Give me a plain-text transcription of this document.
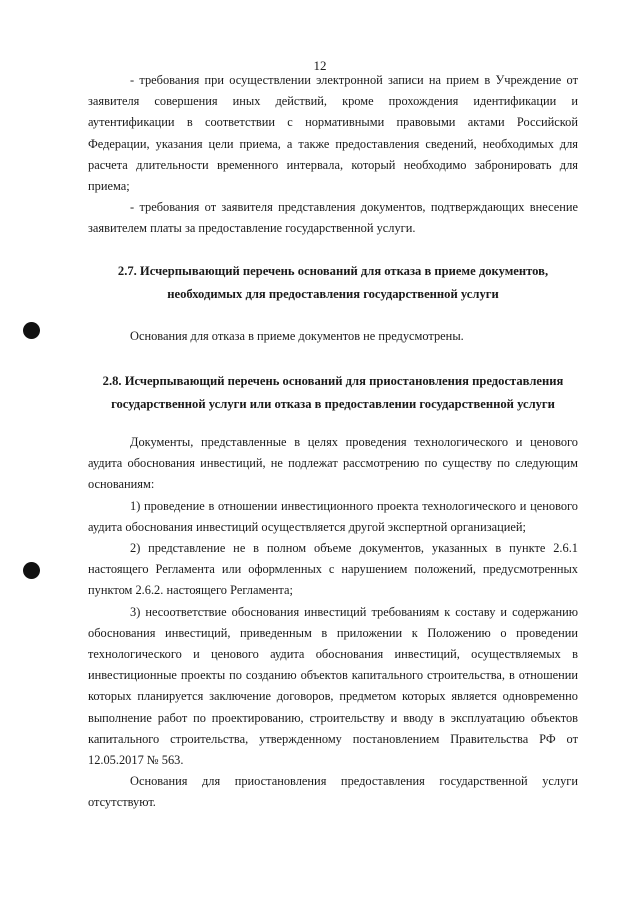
12

- требования при осуществлении электронной записи на прием в Учреждение от заявителя совершения иных действий, кроме прохождения идентификации и аутентификации в соответствии с нормативными правовыми актами Российской Федерации, указания цели приема, а также предоставления сведений, необходимых для расчета длительности временного интервала, который необходимо забронировать для приема;

- требования от заявителя представления документов, подтверждающих внесение заявителем платы за предоставление государственной услуги.

2.7. Исчерпывающий перечень оснований для отказа в приеме документов,
необходимых для предоставления государственной услуги

Основания для отказа в приеме документов не предусмотрены.

2.8. Исчерпывающий перечень оснований для приостановления предоставления
государственной услуги или отказа в предоставлении государственной услуги

Документы, представленные в целях проведения технологического и ценового аудита обоснования инвестиций, не подлежат рассмотрению по существу по следующим основаниям:

1) проведение в отношении инвестиционного проекта технологического и ценового аудита обоснования инвестиций осуществляется другой экспертной организацией;

2) представление не в полном объеме документов, указанных в пункте 2.6.1 настоящего Регламента или оформленных с нарушением положений, предусмотренных пунктом 2.6.2. настоящего Регламента;

3) несоответствие обоснования инвестиций требованиям к составу и содержанию обоснования инвестиций, приведенным в приложении к Положению о проведении технологического и ценового аудита обоснования инвестиций, осуществляемых в инвестиционные проекты по созданию объектов капитального строительства, в отношении которых планируется заключение договоров, предметом которых является одновременно выполнение работ по проектированию, строительству и вводу в эксплуатацию объектов капитального строительства, утвержденному постановлением Правительства РФ от 12.05.2017 № 563.

Основания для приостановления предоставления государственной услуги отсутствуют.
